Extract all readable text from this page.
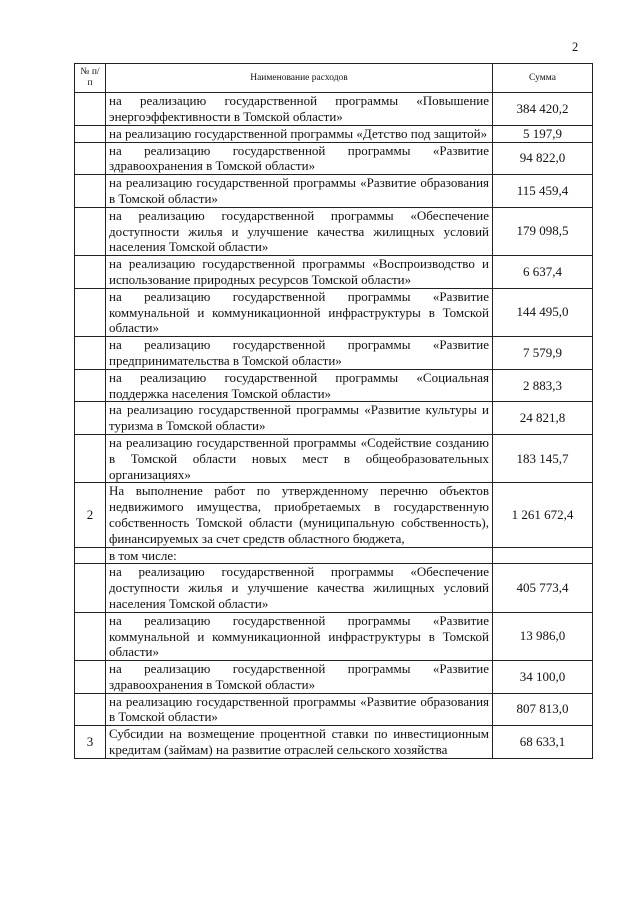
2
№ п/п	Наименование расходов	Сумма
	на реализацию государственной программы «Повышение энергоэффективности в Томской области»	384 420,2
	на реализацию государственной программы «Детство под защитой»	5 197,9
	на реализацию государственной программы «Развитие здравоохранения в Томской области»	94 822,0
	на реализацию государственной программы «Развитие образования в Томской области»	115 459,4
	на реализацию государственной программы «Обеспечение доступности жилья и улучшение качества жилищных условий населения Томской области»	179 098,5
	на реализацию государственной программы «Воспроизводство и использование природных ресурсов Томской области»	6 637,4
	на реализацию государственной программы «Развитие коммунальной и коммуникационной инфраструктуры в Томской области»	144 495,0
	на реализацию государственной программы «Развитие предпринимательства в Томской области»	7 579,9
	на реализацию государственной программы «Социальная поддержка населения Томской области»	2 883,3
	на реализацию государственной программы «Развитие культуры и туризма в Томской области»	24 821,8
	на реализацию государственной программы «Содействие созданию в Томской области новых мест в общеобразовательных организациях»	183 145,7
2	На выполнение работ по утвержденному перечню объектов недвижимого имущества, приобретаемых в государственную собственность Томской области (муниципальную собственность), финансируемых за счет средств областного бюджета,	1 261 672,4
	в том числе:	
	на реализацию государственной программы «Обеспечение доступности жилья и улучшение качества жилищных условий населения Томской области»	405 773,4
	на реализацию государственной программы «Развитие коммунальной и коммуникационной инфраструктуры в Томской области»	13 986,0
	на реализацию государственной программы «Развитие здравоохранения в Томской области»	34 100,0
	на реализацию государственной программы «Развитие образования в Томской области»	807 813,0
3	Субсидии на возмещение процентной ставки по инвестиционным кредитам (займам) на развитие отраслей сельского хозяйства	68 633,1
